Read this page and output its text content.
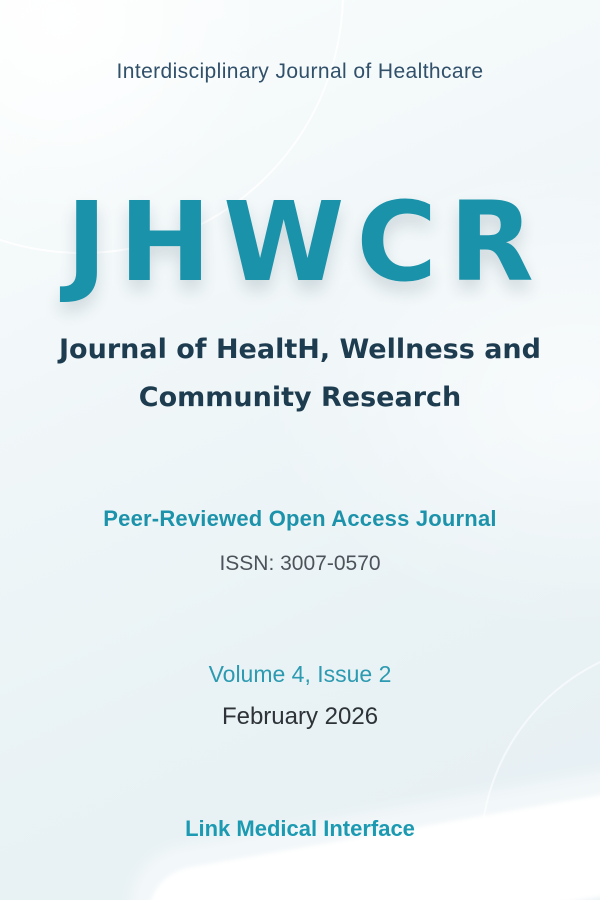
Interdisciplinary Journal of Healthcare
JHWCR
Journal of HealtH, Wellness and
Community Research
Peer-Reviewed Open Access Journal
ISSN: 3007-0570
Volume 4, Issue 2
February 2026
Link Medical Interface
